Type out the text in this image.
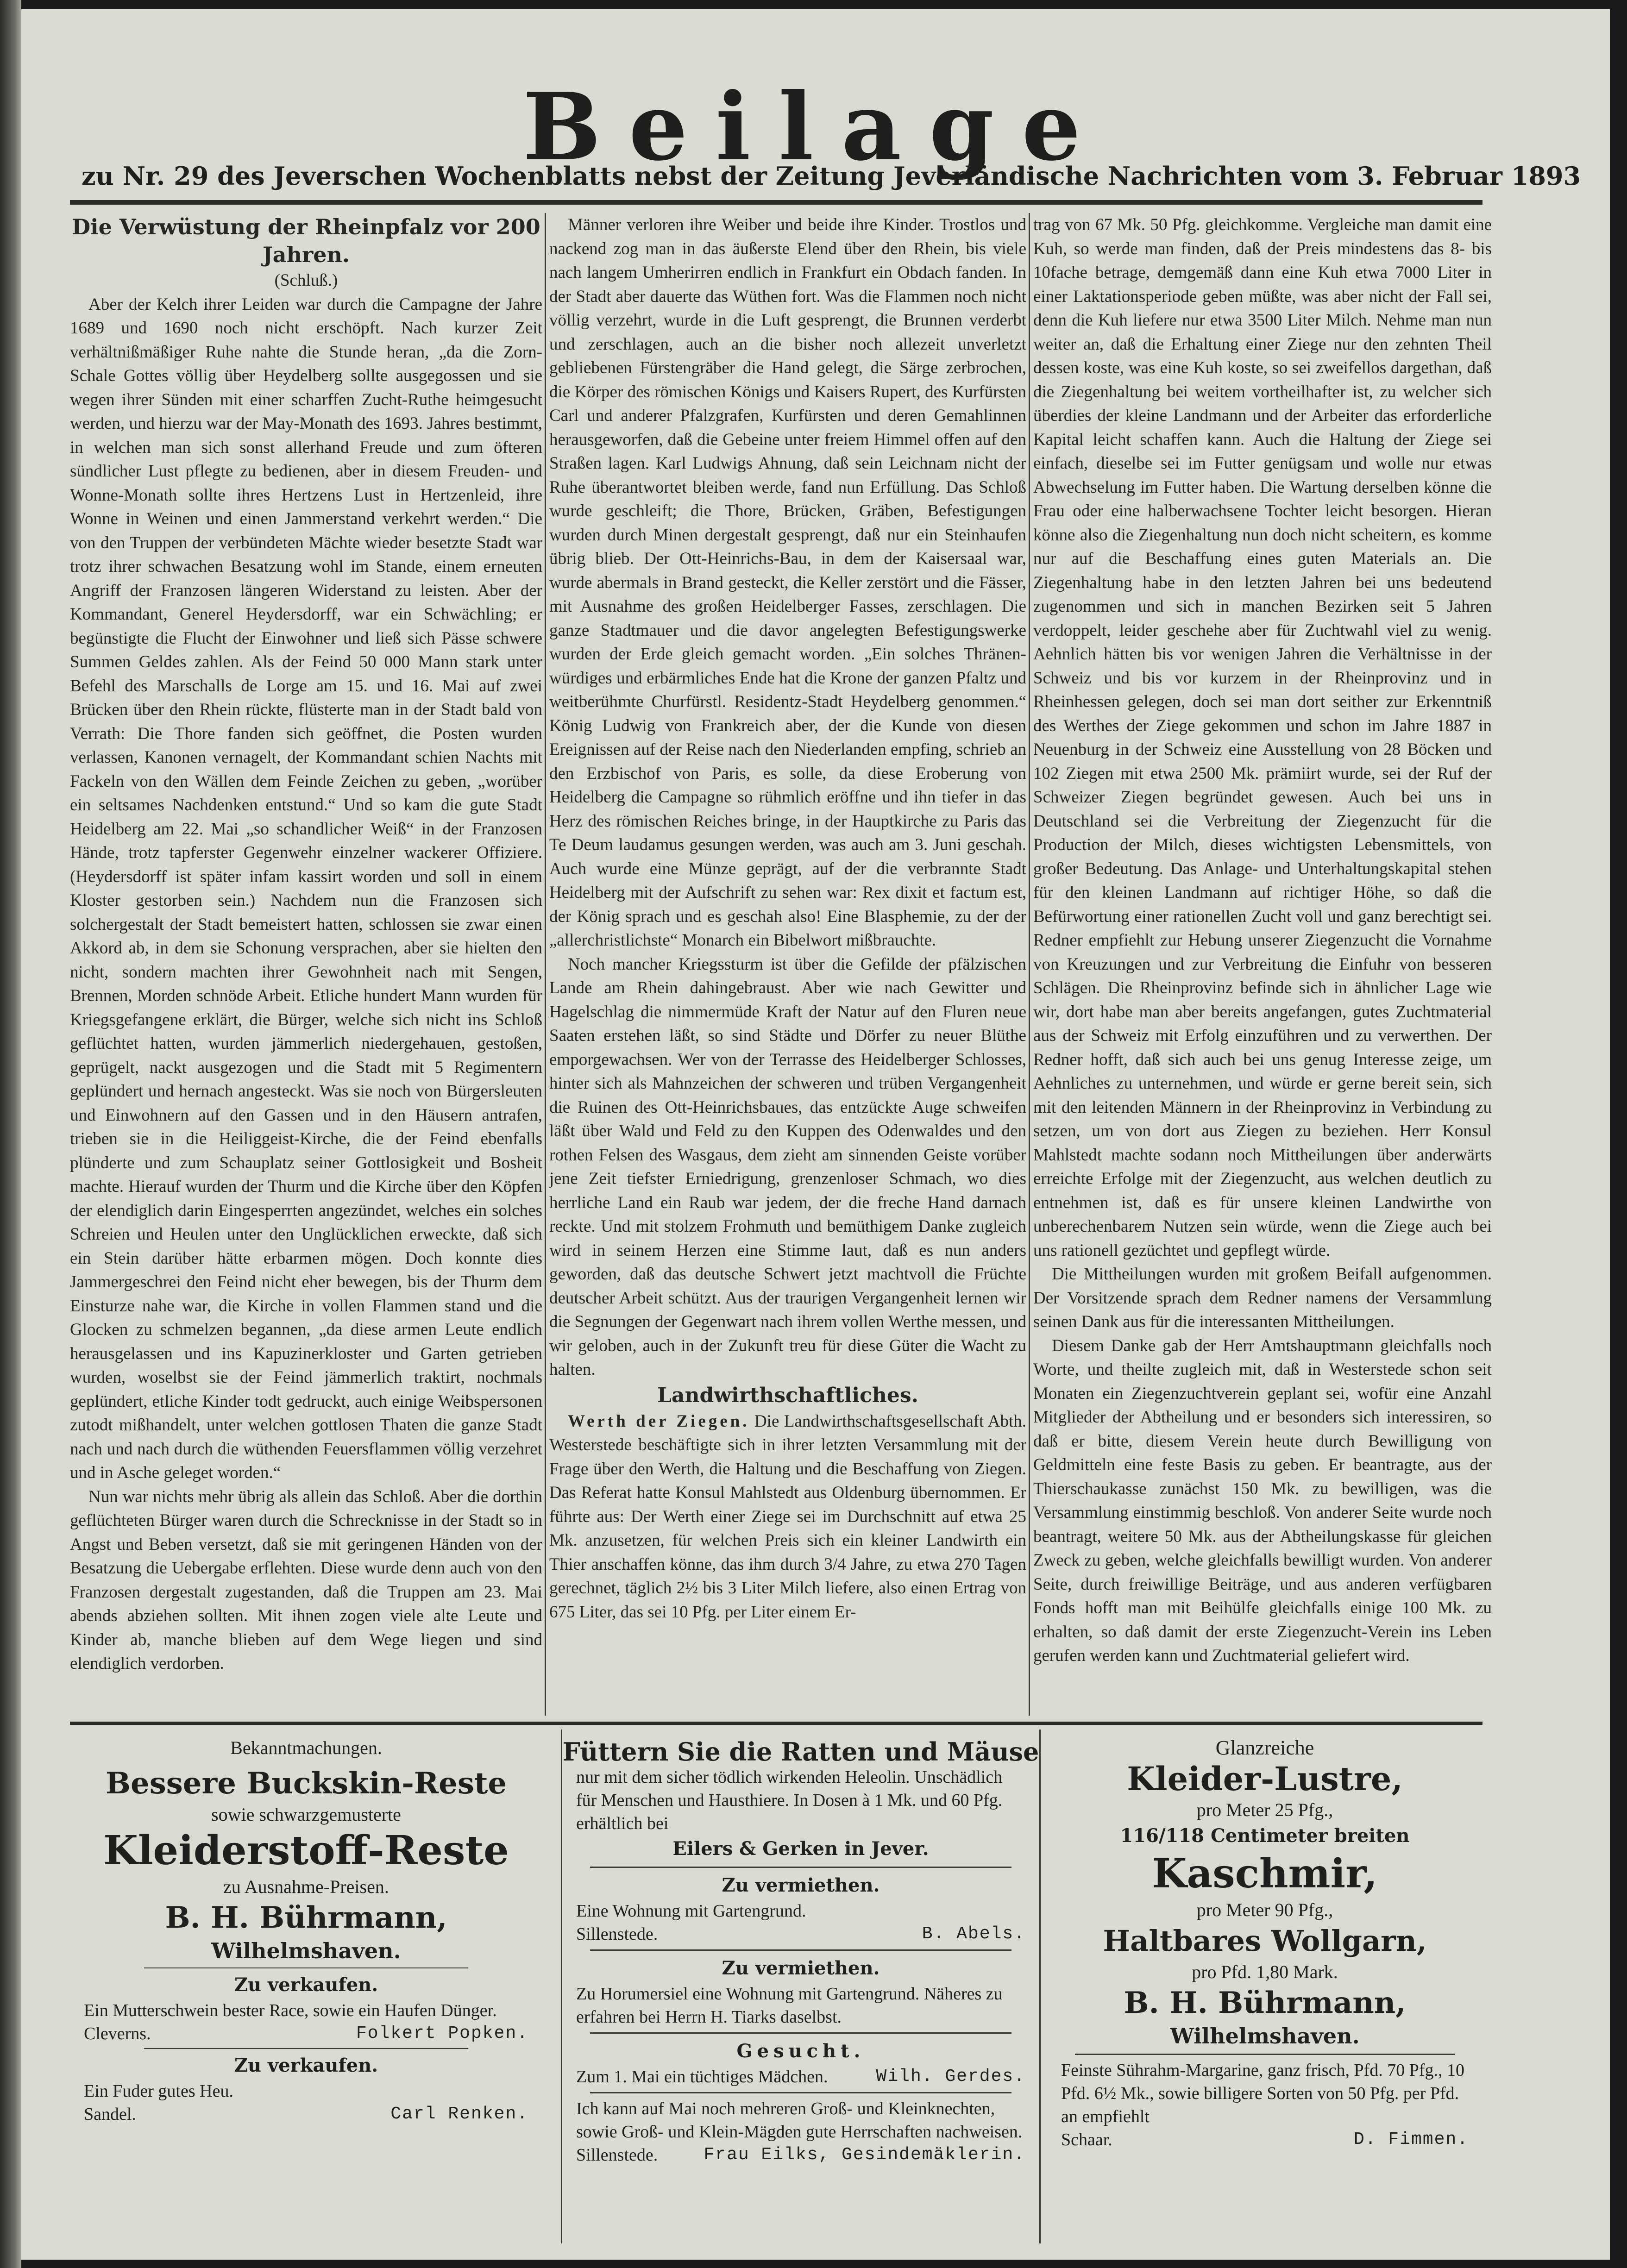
Beilage
zu Nr. 29 des Jeverschen Wochenblatts nebst der Zeitung Jeverländische Nachrichten vom 3. Februar 1893

Die Verwüstung der Rheinpfalz vor 200 Jahren.

(Schluß.)

Aber der Kelch ihrer Leiden war durch die Campagne der Jahre 1689 und 1690 noch nicht erschöpft. Nach kurzer Zeit verhältnißmäßiger Ruhe nahte die Stunde heran, „da die Zorn-Schale Gottes völlig über Heydelberg sollte ausgegossen und sie wegen ihrer Sünden mit einer scharffen Zucht-Ruthe heimgesucht werden, und hierzu war der May-Monath des 1693. Jahres bestimmt, in welchen man sich sonst allerhand Freude und zum öfteren sündlicher Lust pflegte zu bedienen, aber in diesem Freuden- und Wonne-Monath sollte ihres Hertzens Lust in Hertzenleid, ihre Wonne in Weinen und einen Jammerstand verkehrt werden.“ Die von den Truppen der verbündeten Mächte wieder besetzte Stadt war trotz ihrer schwachen Besatzung wohl im Stande, einem erneuten Angriff der Franzosen längeren Widerstand zu leisten. Aber der Kommandant, Generel Heydersdorff, war ein Schwächling; er begünstigte die Flucht der Einwohner und ließ sich Pässe schwere Summen Geldes zahlen. Als der Feind 50 000 Mann stark unter Befehl des Marschalls de Lorge am 15. und 16. Mai auf zwei Brücken über den Rhein rückte, flüsterte man in der Stadt bald von Verrath: Die Thore fanden sich geöffnet, die Posten wurden verlassen, Kanonen vernagelt, der Kommandant schien Nachts mit Fackeln von den Wällen dem Feinde Zeichen zu geben, „worüber ein seltsames Nachdenken entstund.“ Und so kam die gute Stadt Heidelberg am 22. Mai „so schandlicher Weiß“ in der Franzosen Hände, trotz tapferster Gegenwehr einzelner wackerer Offiziere. (Heydersdorff ist später infam kassirt worden und soll in einem Kloster gestorben sein.) Nachdem nun die Franzosen sich solchergestalt der Stadt bemeistert hatten, schlossen sie zwar einen Akkord ab, in dem sie Schonung versprachen, aber sie hielten den nicht, sondern machten ihrer Gewohnheit nach mit Sengen, Brennen, Morden schnöde Arbeit. Etliche hundert Mann wurden für Kriegsgefangene erklärt, die Bürger, welche sich nicht ins Schloß geflüchtet hatten, wurden jämmerlich niedergehauen, gestoßen, geprügelt, nackt ausgezogen und die Stadt mit 5 Regimentern geplündert und hernach angesteckt. Was sie noch von Bürgersleuten und Einwohnern auf den Gassen und in den Häusern antrafen, trieben sie in die Heiliggeist-Kirche, die der Feind ebenfalls plünderte und zum Schauplatz seiner Gottlosigkeit und Bosheit machte. Hierauf wurden der Thurm und die Kirche über den Köpfen der elendiglich darin Eingesperrten angezündet, welches ein solches Schreien und Heulen unter den Unglücklichen erweckte, daß sich ein Stein darüber hätte erbarmen mögen. Doch konnte dies Jammergeschrei den Feind nicht eher bewegen, bis der Thurm dem Einsturze nahe war, die Kirche in vollen Flammen stand und die Glocken zu schmelzen begannen, „da diese armen Leute endlich herausgelassen und ins Kapuzinerkloster und Garten getrieben wurden, woselbst sie der Feind jämmerlich traktirt, nochmals geplündert, etliche Kinder todt gedruckt, auch einige Weibspersonen zutodt mißhandelt, unter welchen gottlosen Thaten die ganze Stadt nach und nach durch die wüthenden Feuersflammen völlig verzehret und in Asche geleget worden.“

Nun war nichts mehr übrig als allein das Schloß. Aber die dorthin geflüchteten Bürger waren durch die Schrecknisse in der Stadt so in Angst und Beben versetzt, daß sie mit geringenen Händen von der Besatzung die Uebergabe erflehten. Diese wurde denn auch von den Franzosen dergestalt zugestanden, daß die Truppen am 23. Mai abends abziehen sollten. Mit ihnen zogen viele alte Leute und Kinder ab, manche blieben auf dem Wege liegen und sind elendiglich verdorben.

Männer verloren ihre Weiber und beide ihre Kinder. Trostlos und nackend zog man in das äußerste Elend über den Rhein, bis viele nach langem Umherirren endlich in Frankfurt ein Obdach fanden. In der Stadt aber dauerte das Wüthen fort. Was die Flammen noch nicht völlig verzehrt, wurde in die Luft gesprengt, die Brunnen verderbt und zerschlagen, auch an die bisher noch allezeit unverletzt gebliebenen Fürstengräber die Hand gelegt, die Särge zerbrochen, die Körper des römischen Königs und Kaisers Rupert, des Kurfürsten Carl und anderer Pfalzgrafen, Kurfürsten und deren Gemahlinnen herausgeworfen, daß die Gebeine unter freiem Himmel offen auf den Straßen lagen. Karl Ludwigs Ahnung, daß sein Leichnam nicht der Ruhe überantwortet bleiben werde, fand nun Erfüllung. Das Schloß wurde geschleift; die Thore, Brücken, Gräben, Befestigungen wurden durch Minen dergestalt gesprengt, daß nur ein Steinhaufen übrig blieb. Der Ott-Heinrichs-Bau, in dem der Kaisersaal war, wurde abermals in Brand gesteckt, die Keller zerstört und die Fässer, mit Ausnahme des großen Heidelberger Fasses, zerschlagen. Die ganze Stadtmauer und die davor angelegten Befestigungswerke wurden der Erde gleich gemacht worden. „Ein solches Thränen-würdiges und erbärmliches Ende hat die Krone der ganzen Pfaltz und weitberühmte Churfürstl. Residentz-Stadt Heydelberg genommen.“ König Ludwig von Frankreich aber, der die Kunde von diesen Ereignissen auf der Reise nach den Niederlanden empfing, schrieb an den Erzbischof von Paris, es solle, da diese Eroberung von Heidelberg die Campagne so rühmlich eröffne und ihn tiefer in das Herz des römischen Reiches bringe, in der Hauptkirche zu Paris das Te Deum laudamus gesungen werden, was auch am 3. Juni geschah. Auch wurde eine Münze geprägt, auf der die verbrannte Stadt Heidelberg mit der Aufschrift zu sehen war: Rex dixit et factum est, der König sprach und es geschah also! Eine Blasphemie, zu der der „allerchristlichste“ Monarch ein Bibelwort mißbrauchte.

Noch mancher Kriegssturm ist über die Gefilde der pfälzischen Lande am Rhein dahingebraust. Aber wie nach Gewitter und Hagelschlag die nimmermüde Kraft der Natur auf den Fluren neue Saaten erstehen läßt, so sind Städte und Dörfer zu neuer Blüthe emporgewachsen. Wer von der Terrasse des Heidelberger Schlosses, hinter sich als Mahnzeichen der schweren und trüben Vergangenheit die Ruinen des Ott-Heinrichsbaues, das entzückte Auge schweifen läßt über Wald und Feld zu den Kuppen des Odenwaldes und den rothen Felsen des Wasgaus, dem zieht am sinnenden Geiste vorüber jene Zeit tiefster Erniedrigung, grenzenloser Schmach, wo dies herrliche Land ein Raub war jedem, der die freche Hand darnach reckte. Und mit stolzem Frohmuth und bemüthigem Danke zugleich wird in seinem Herzen eine Stimme laut, daß es nun anders geworden, daß das deutsche Schwert jetzt machtvoll die Früchte deutscher Arbeit schützt. Aus der traurigen Vergangenheit lernen wir die Segnungen der Gegenwart nach ihrem vollen Werthe messen, und wir geloben, auch in der Zukunft treu für diese Güter die Wacht zu halten.

Landwirthschaftliches.

Werth der Ziegen. Die Landwirthschaftsgesellschaft Abth. Westerstede beschäftigte sich in ihrer letzten Versammlung mit der Frage über den Werth, die Haltung und die Beschaffung von Ziegen. Das Referat hatte Konsul Mahlstedt aus Oldenburg übernommen. Er führte aus: Der Werth einer Ziege sei im Durchschnitt auf etwa 25 Mk. anzusetzen, für welchen Preis sich ein kleiner Landwirth ein Thier anschaffen könne, das ihm durch 3/4 Jahre, zu etwa 270 Tagen gerechnet, täglich 2½ bis 3 Liter Milch liefere, also einen Ertrag von 675 Liter, das sei 10 Pfg. per Liter einem Er-

trag von 67 Mk. 50 Pfg. gleichkomme. Vergleiche man damit eine Kuh, so werde man finden, daß der Preis mindestens das 8- bis 10fache betrage, demgemäß dann eine Kuh etwa 7000 Liter in einer Laktationsperiode geben müßte, was aber nicht der Fall sei, denn die Kuh liefere nur etwa 3500 Liter Milch. Nehme man nun weiter an, daß die Erhaltung einer Ziege nur den zehnten Theil dessen koste, was eine Kuh koste, so sei zweifellos dargethan, daß die Ziegenhaltung bei weitem vortheilhafter ist, zu welcher sich überdies der kleine Landmann und der Arbeiter das erforderliche Kapital leicht schaffen kann. Auch die Haltung der Ziege sei einfach, dieselbe sei im Futter genügsam und wolle nur etwas Abwechselung im Futter haben. Die Wartung derselben könne die Frau oder eine halberwachsene Tochter leicht besorgen. Hieran könne also die Ziegenhaltung nun doch nicht scheitern, es komme nur auf die Beschaffung eines guten Materials an. Die Ziegenhaltung habe in den letzten Jahren bei uns bedeutend zugenommen und sich in manchen Bezirken seit 5 Jahren verdoppelt, leider geschehe aber für Zuchtwahl viel zu wenig. Aehnlich hätten bis vor wenigen Jahren die Verhältnisse in der Schweiz und bis vor kurzem in der Rheinprovinz und in Rheinhessen gelegen, doch sei man dort seither zur Erkenntniß des Werthes der Ziege gekommen und schon im Jahre 1887 in Neuenburg in der Schweiz eine Ausstellung von 28 Böcken und 102 Ziegen mit etwa 2500 Mk. prämiirt wurde, sei der Ruf der Schweizer Ziegen begründet gewesen. Auch bei uns in Deutschland sei die Verbreitung der Ziegenzucht für die Production der Milch, dieses wichtigsten Lebensmittels, von großer Bedeutung. Das Anlage- und Unterhaltungskapital stehen für den kleinen Landmann auf richtiger Höhe, so daß die Befürwortung einer rationellen Zucht voll und ganz berechtigt sei. Redner empfiehlt zur Hebung unserer Ziegenzucht die Vornahme von Kreuzungen und zur Verbreitung die Einfuhr von besseren Schlägen. Die Rheinprovinz befinde sich in ähnlicher Lage wie wir, dort habe man aber bereits angefangen, gutes Zuchtmaterial aus der Schweiz mit Erfolg einzuführen und zu verwerthen. Der Redner hofft, daß sich auch bei uns genug Interesse zeige, um Aehnliches zu unternehmen, und würde er gerne bereit sein, sich mit den leitenden Männern in der Rheinprovinz in Verbindung zu setzen, um von dort aus Ziegen zu beziehen. Herr Konsul Mahlstedt machte sodann noch Mittheilungen über anderwärts erreichte Erfolge mit der Ziegenzucht, aus welchen deutlich zu entnehmen ist, daß es für unsere kleinen Landwirthe von unberechenbarem Nutzen sein würde, wenn die Ziege auch bei uns rationell gezüchtet und gepflegt würde.

Die Mittheilungen wurden mit großem Beifall aufgenommen. Der Vorsitzende sprach dem Redner namens der Versammlung seinen Dank aus für die interessanten Mittheilungen.

Diesem Danke gab der Herr Amtshauptmann gleichfalls noch Worte, und theilte zugleich mit, daß in Westerstede schon seit Monaten ein Ziegenzuchtverein geplant sei, wofür eine Anzahl Mitglieder der Abtheilung und er besonders sich interessiren, so daß er bitte, diesem Verein heute durch Bewilligung von Geldmitteln eine feste Basis zu geben. Er beantragte, aus der Thierschaukasse zunächst 150 Mk. zu bewilligen, was die Versammlung einstimmig beschloß. Von anderer Seite wurde noch beantragt, weitere 50 Mk. aus der Abtheilungskasse für gleichen Zweck zu geben, welche gleichfalls bewilligt wurden. Von anderer Seite, durch freiwillige Beiträge, und aus anderen verfügbaren Fonds hofft man mit Beihülfe gleichfalls einige 100 Mk. zu erhalten, so daß damit der erste Ziegenzucht-Verein ins Leben gerufen werden kann und Zuchtmaterial geliefert wird.

Bekanntmachungen.
Bessere Buckskin-Reste
sowie schwarzgemusterte
Kleiderstoff-Reste
zu Ausnahme-Preisen.
B. H. Bührmann,
Wilhelmshaven.
Zu verkaufen.
Ein Mutterschwein bester Race, sowie ein Haufen Dünger.
Cleverns.	Folkert Popken.
Zu verkaufen.
Ein Fuder gutes Heu.
Sandel.	Carl Renken.
Füttern Sie die Ratten und Mäuse
nur mit dem sicher tödlich wirkenden Heleolin. Unschädlich für Menschen und Hausthiere. In Dosen à 1 Mk. und 60 Pfg. erhältlich bei
Eilers & Gerken in Jever.
Zu vermiethen.
Eine Wohnung mit Gartengrund.
Sillenstede.	B. Abels.
Zu vermiethen.
Zu Horumersiel eine Wohnung mit Gartengrund. Näheres zu erfahren bei Herrn H. Tiarks daselbst.
Gesucht.
Zum 1. Mai ein tüchtiges Mädchen.	Wilh. Gerdes.
Ich kann auf Mai noch mehreren Groß- und Kleinknechten, sowie Groß- und Klein-Mägden gute Herrschaften nachweisen.
Sillenstede.	Frau Eilks, Gesindemäklerin.
Glanzreiche
Kleider-Lustre,
pro Meter 25 Pfg.,
116/118 Centimeter breiten
Kaschmir,
pro Meter 90 Pfg.,
Haltbares Wollgarn,
pro Pfd. 1,80 Mark.
B. H. Bührmann,
Wilhelmshaven.
Feinste Sührahm-Margarine, ganz frisch, Pfd. 70 Pfg., 10 Pfd. 6½ Mk., sowie billigere Sorten von 50 Pfg. per Pfd. an empfiehlt
Schaar.	D. Fimmen.
